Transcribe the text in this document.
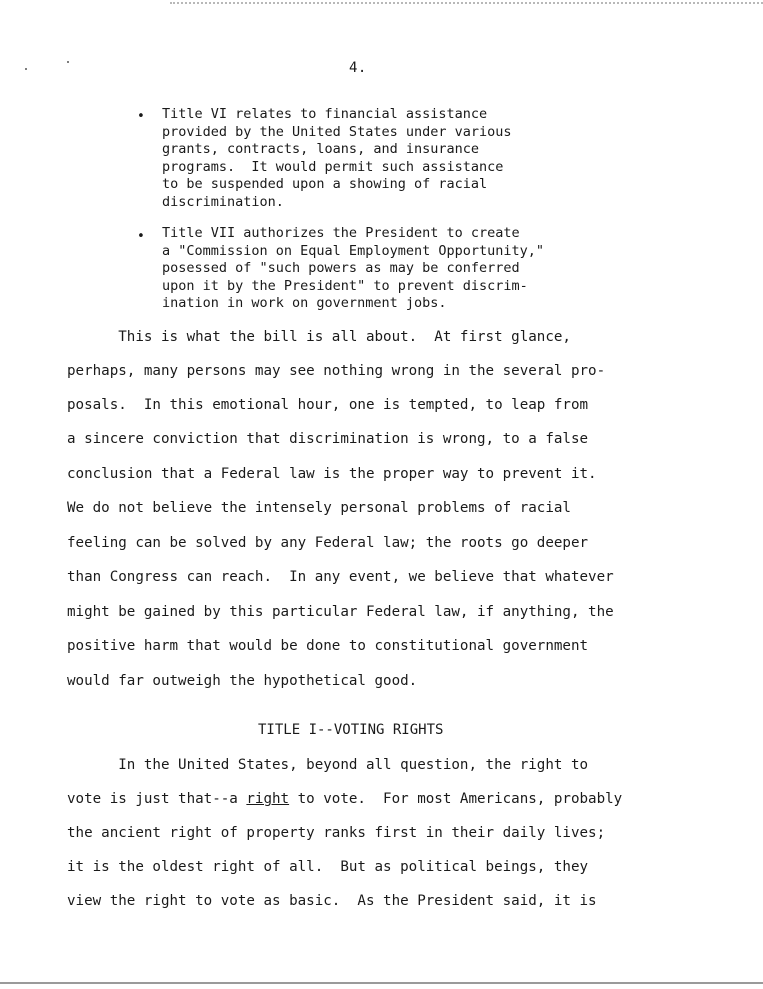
4.
• Title VI relates to financial assistance
provided by the United States under various
grants, contracts, loans, and insurance
programs.  It would permit such assistance
to be suspended upon a showing of racial
discrimination.

• Title VII authorizes the President to create
a "Commission on Equal Employment Opportunity,"
posessed of "such powers as may be conferred
upon it by the President" to prevent discrim-
ination in work on government jobs.

This is what the bill is all about.  At first glance,

perhaps, many persons may see nothing wrong in the several pro-

posals.  In this emotional hour, one is tempted, to leap from

a sincere conviction that discrimination is wrong, to a false

conclusion that a Federal law is the proper way to prevent it.

We do not believe the intensely personal problems of racial

feeling can be solved by any Federal law; the roots go deeper

than Congress can reach.  In any event, we believe that whatever

might be gained by this particular Federal law, if anything, the

positive harm that would be done to constitutional government

would far outweigh the hypothetical good.

TITLE I--VOTING RIGHTS

In the United States, beyond all question, the right to

vote is just that--a right to vote.  For most Americans, probably

the ancient right of property ranks first in their daily lives;

it is the oldest right of all.  But as political beings, they

view the right to vote as basic.  As the President said, it is
